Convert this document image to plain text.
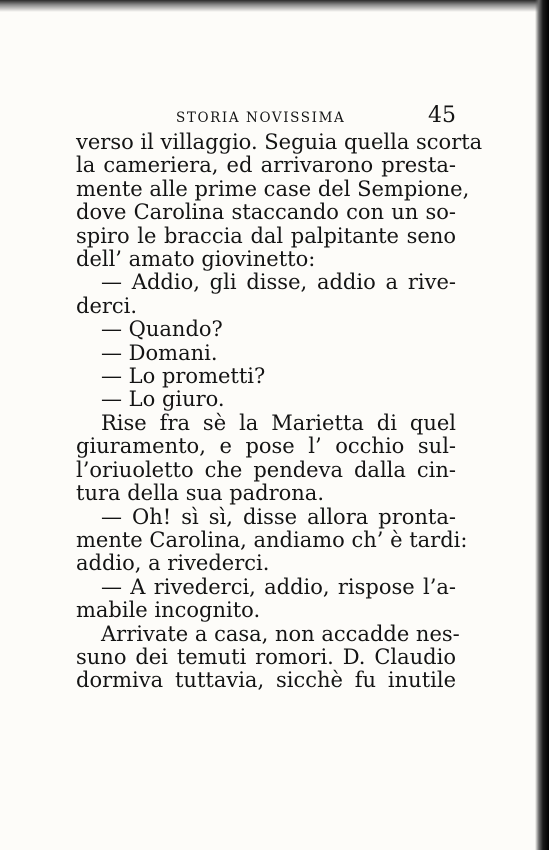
STORIA NOVISSIMA	45
verso il villaggio. Seguia quella scorta
la cameriera, ed arrivarono presta-
mente alle prime case del Sempione,
dove Carolina staccando con un so-
spiro le braccia dal palpitante seno
dell’ amato giovinetto:
— Addio, gli disse, addio a rive-
derci.
— Quando?
— Domani.
— Lo prometti?
— Lo giuro.
Rise fra sè la Marietta di quel
giuramento, e pose l’ occhio sul-
l’oriuoletto che pendeva dalla cin-
tura della sua padrona.
— Oh! sì sì, disse allora pronta-
mente Carolina, andiamo ch’ è tardi:
addio, a rivederci.
— A rivederci, addio, rispose l’a-
mabile incognito.
Arrivate a casa, non accadde nes-
suno dei temuti romori. D. Claudio
dormiva tuttavia, sicchè fu inutile
